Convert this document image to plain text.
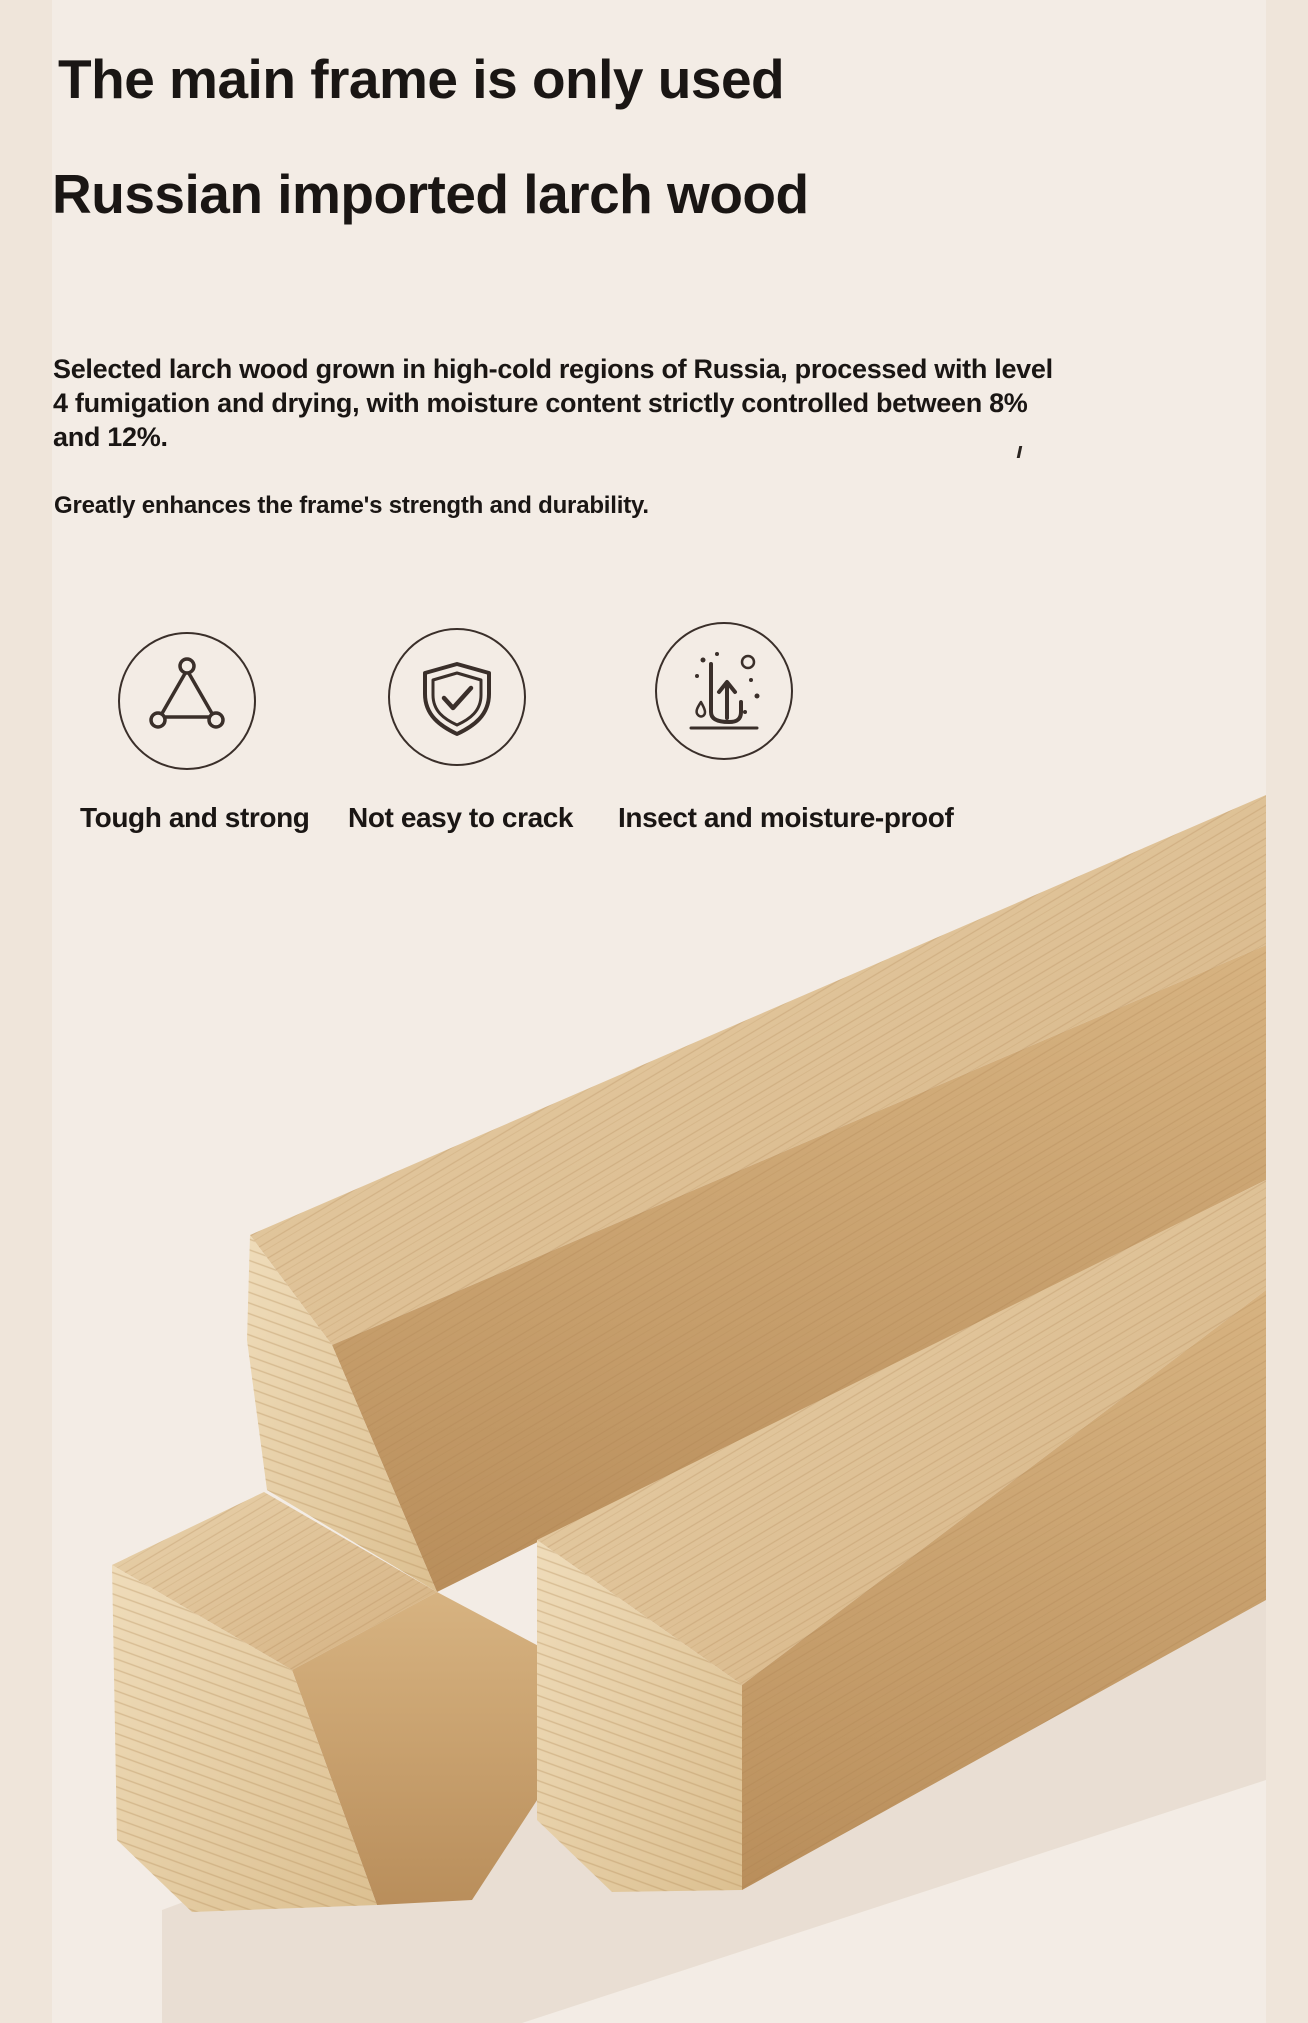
The main frame is only used
Russian imported larch wood

Selected larch wood grown in high-cold regions of Russia, processed with level 4 fumigation and drying, with moisture content strictly controlled between 8% and 12%.

Greatly enhances the frame's strength and durability.

Tough and strong Not easy to crack Insect and moisture-proof
